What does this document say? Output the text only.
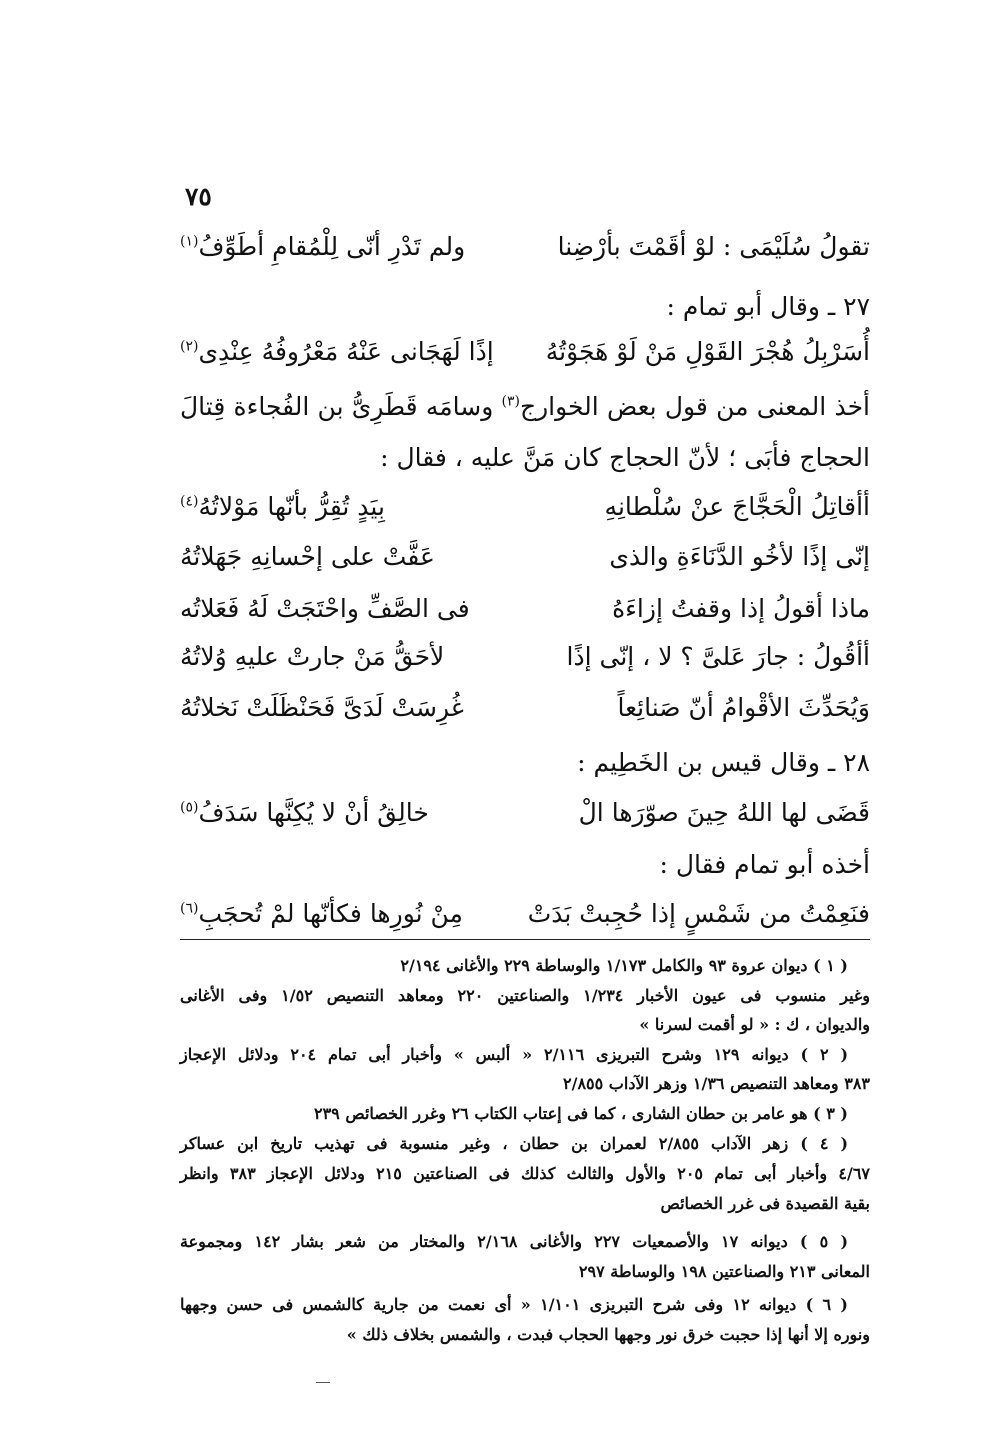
٧٥
تقولُ سُلَيْمَى : لوْ أقَمْتَ بأرْضِنا
ولم تَدْرِ أنّى لِلْمُقامِ أطَوِّفُ$^{(١)}$
٢٧ ـ وقال أبو تمام :
أُسَرْبِلُ هُجْرَ القَوْلِ مَنْ لَوْ هَجَوْتُهُ
إذًا لَهَجَانى عَنْهُ مَعْرُوفُهُ عِنْدِى$^{(٢)}$
أخذ المعنى من قول بعض الخوارج$^{(٣)}$ وسامَه قَطَرِىُّ بن الفُجاءة قِتالَ
الحجاج فأبَى ؛ لأنّ الحجاج كان مَنَّ عليه ، فقال :
أأقاتِلُ الْحَجَّاجَ عنْ سُلْطانِهِ
بِيَدٍ تُقِرُّ بأنّها مَوْلاتُهُ$^{(٤)}$
إنّى إذًا لأخُو الدَّنَاءَةِ والذى
عَفَّتْ على إحْسانِهِ جَهَلاتُهُ
ماذا أقولُ إذا وقفتُ إزاءَهُ
فى الصَّفِّ واحْتَجَتْ لَهُ فَعَلاتُه
أأقُولُ : جارَ عَلىَّ ؟ لا ، إنّى إذًا
لأحَقُّ مَنْ جارتْ عليهِ وُلاتُهُ
وَيُحَدِّثَ الأقْوامُ أنّ صَنائِعاً
غُرِسَتْ لَدَىَّ فَحَنْظَلَتْ نَخلاتُهُ
٢٨ ـ وقال قيس بن الخَطِيم :
قَضَى لها اللهُ حِينَ صوّرَها الْ
خالِقُ أنْ لا يُكِنَّها سَدَفُ$^{(٥)}$
أخذه أبو تمام فقال :
فنَعِمْتُ من شَمْسٍ إذا حُجِبتْ بَدَتْ
مِنْ نُورِها فكأنّها لمْ تُحجَبِ$^{(٦)}$
( ١ ) ديوان عروة ٩٣ والكامل ١/١٧٣ والوساطة ٢٢٩ والأغانى ٢/١٩٤
وغير منسوب فى عيون الأخبار ١/٢٣٤ والصناعتين ٢٢٠ ومعاهد التنصيص ١/٥٢ وفى الأغانى
والديوان ، ك : « لو أقمت لسرنا »
( ٢ ) ديوانه ١٢٩ وشرح التبريزى ٢/١١٦ « ألبس » وأخبار أبى تمام ٢٠٤ ودلائل الإعجاز
٣٨٣ ومعاهد التنصيص ١/٣٦ وزهر الآداب ٢/٨٥٥
( ٣ ) هو عامر بن حطان الشارى ، كما فى إعتاب الكتاب ٢٦ وغرر الخصائص ٢٣٩
( ٤ ) زهر الآداب ٢/٨٥٥ لعمران بن حطان ، وغير منسوبة فى تهذيب تاريخ ابن عساكر
٤/٦٧ وأخبار أبى تمام ٢٠٥ والأول والثالث كذلك فى الصناعتين ٢١٥ ودلائل الإعجاز ٣٨٣ وانظر
بقية القصيدة فى غرر الخصائص
( ٥ ) ديوانه ١٧ والأصمعيات ٢٢٧ والأغانى ٢/١٦٨ والمختار من شعر بشار ١٤٢ ومجموعة
المعانى ٢١٣ والصناعتين ١٩٨ والوساطة ٢٩٧
( ٦ ) ديوانه ١٢ وفى شرح التبريزى ١/١٠١ « أى نعمت من جارية كالشمس فى حسن وجهها
ونوره إلا أنها إذا حجبت خرق نور وجهها الحجاب فبدت ، والشمس بخلاف ذلك »
